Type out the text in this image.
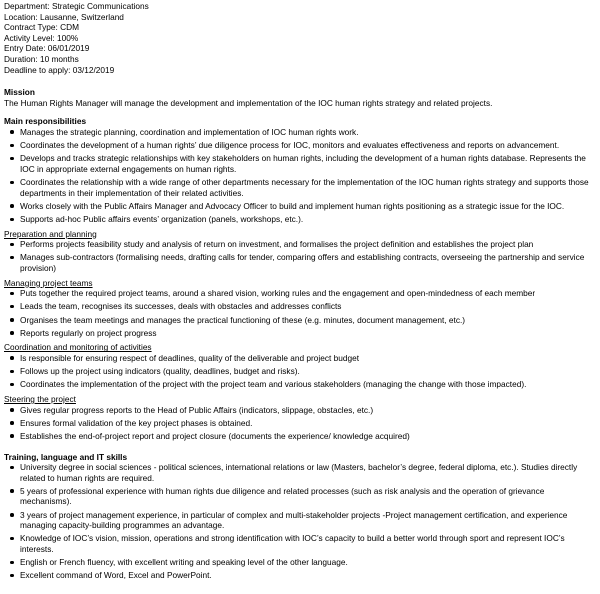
Department: Strategic Communications
Location: Lausanne, Switzerland
Contract Type: CDM
Activity Level: 100%
Entry Date: 06/01/2019
Duration: 10 months
Deadline to apply: 03/12/2019
Mission

The Human Rights Manager will manage the development and implementation of the IOC human rights strategy and related projects.

Main responsibilities
Manages the strategic planning, coordination and implementation of IOC human rights work.
Coordinates the development of a human rights’ due diligence process for IOC, monitors and evaluates effectiveness and reports on advancement.
Develops and tracks strategic relationships with key stakeholders on human rights, including the development of a human rights database. Represents the IOC in appropriate external engagements on human rights.
Coordinates the relationship with a wide range of other departments necessary for the implementation of the IOC human rights strategy and supports those departments in their implementation of their related activities.
Works closely with the Public Affairs Manager and Advocacy Officer to build and implement human rights positioning as a strategic issue for the IOC.
Supports ad-hoc Public affairs events’ organization (panels, workshops, etc.).
Preparation and planning
Performs projects feasibility study and analysis of return on investment, and formalises the project definition and establishes the project plan
Manages sub-contractors (formalising needs, drafting calls for tender, comparing offers and establishing contracts, overseeing the partnership and service provision)
Managing project teams
Puts together the required project teams, around a shared vision, working rules and the engagement and open-mindedness of each member
Leads the team, recognises its successes, deals with obstacles and addresses conflicts
Organises the team meetings and manages the practical functioning of these (e.g. minutes, document management, etc.)
Reports regularly on project progress
Coordination and monitoring of activities
Is responsible for ensuring respect of deadlines, quality of the deliverable and project budget
Follows up the project using indicators (quality, deadlines, budget and risks).
Coordinates the implementation of the project with the project team and various stakeholders (managing the change with those impacted).
Steering the project
Gives regular progress reports to the Head of Public Affairs (indicators, slippage, obstacles, etc.)
Ensures formal validation of the key project phases is obtained.
Establishes the end-of-project report and project closure (documents the experience/ knowledge acquired)
Training, language and IT skills
University degree in social sciences - political sciences, international relations or law (Masters, bachelor’s degree, federal diploma, etc.). Studies directly related to human rights are required.
5 years of professional experience with human rights due diligence and related processes (such as risk analysis and the operation of grievance mechanisms).
3 years of project management experience, in particular of complex and multi-stakeholder projects -Project management certification, and experience managing capacity-building programmes an advantage.
Knowledge of IOC’s vision, mission, operations and strong identification with IOC’s capacity to build a better world through sport and represent IOC’s interests.
English or French fluency, with excellent writing and speaking level of the other language.
Excellent command of Word, Excel and PowerPoint.
